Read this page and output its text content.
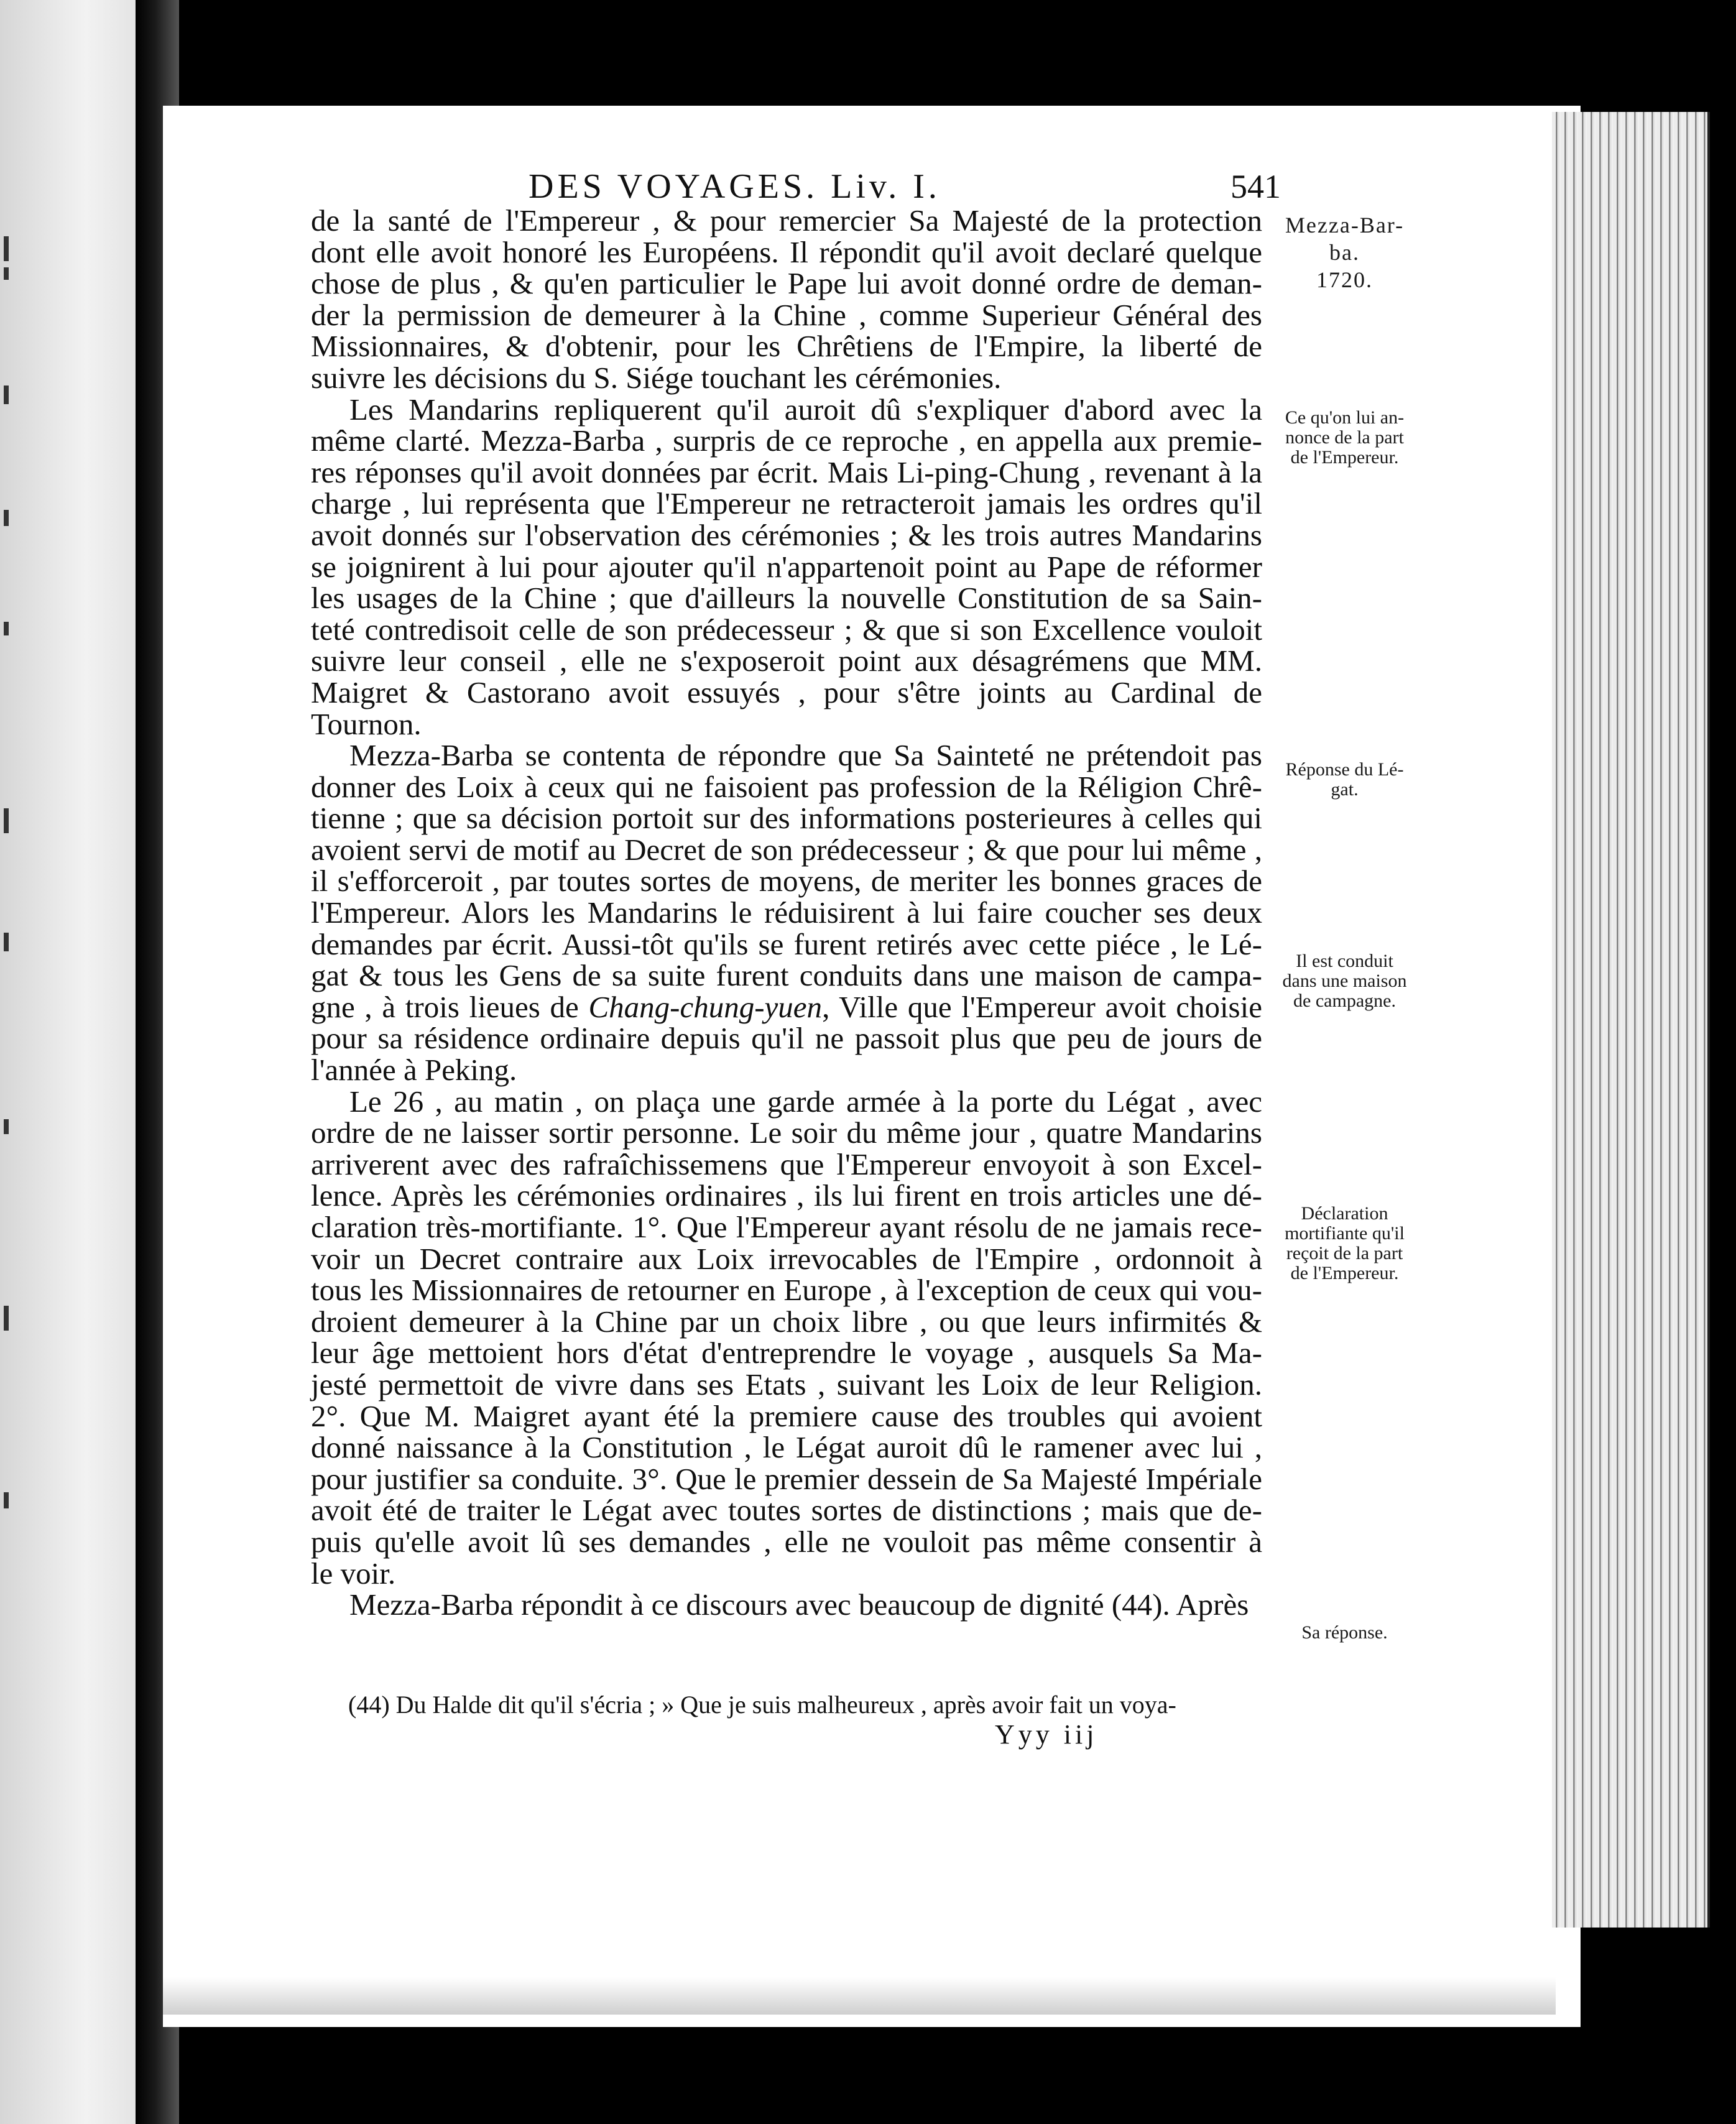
DES VOYAGES. Liv. I.	541
de la santé de l'Empereur , & pour remercier Sa Majesté de la protection
dont elle avoit honoré les Européens. Il répondit qu'il avoit declaré quelque
chose de plus , & qu'en particulier le Pape lui avoit donné ordre de deman-
der la permission de demeurer à la Chine , comme Superieur Général des
Missionnaires, & d'obtenir, pour les Chrêtiens de l'Empire, la liberté de
suivre les décisions du S. Siége touchant les cérémonies.
Les Mandarins repliquerent qu'il auroit dû s'expliquer d'abord avec la
même clarté. Mezza-Barba , surpris de ce reproche , en appella aux premie-
res réponses qu'il avoit données par écrit. Mais Li-ping-Chung , revenant à la
charge , lui représenta que l'Empereur ne retracteroit jamais les ordres qu'il
avoit donnés sur l'observation des cérémonies ; & les trois autres Mandarins
se joignirent à lui pour ajouter qu'il n'appartenoit point au Pape de réformer
les usages de la Chine ; que d'ailleurs la nouvelle Constitution de sa Sain-
teté contredisoit celle de son prédecesseur ; & que si son Excellence vouloit
suivre leur conseil , elle ne s'exposeroit point aux désagrémens que MM.
Maigret & Castorano avoit essuyés , pour s'être joints au Cardinal de
Tournon.
Mezza-Barba se contenta de répondre que Sa Sainteté ne prétendoit pas
donner des Loix à ceux qui ne faisoient pas profession de la Réligion Chrê-
tienne ; que sa décision portoit sur des informations posterieures à celles qui
avoient servi de motif au Decret de son prédecesseur ; & que pour lui même ,
il s'efforceroit , par toutes sortes de moyens, de meriter les bonnes graces de
l'Empereur. Alors les Mandarins le réduisirent à lui faire coucher ses deux
demandes par écrit. Aussi-tôt qu'ils se furent retirés avec cette piéce , le Lé-
gat & tous les Gens de sa suite furent conduits dans une maison de campa-
gne , à trois lieues de Chang-chung-yuen, Ville que l'Empereur avoit choisie
pour sa résidence ordinaire depuis qu'il ne passoit plus que peu de jours de
l'année à Peking.
Le 26 , au matin , on plaça une garde armée à la porte du Légat , avec
ordre de ne laisser sortir personne. Le soir du même jour , quatre Mandarins
arriverent avec des rafraîchissemens que l'Empereur envoyoit à son Excel-
lence. Après les cérémonies ordinaires , ils lui firent en trois articles une dé-
claration très-mortifiante. 1°. Que l'Empereur ayant résolu de ne jamais rece-
voir un Decret contraire aux Loix irrevocables de l'Empire , ordonnoit à
tous les Missionnaires de retourner en Europe , à l'exception de ceux qui vou-
droient demeurer à la Chine par un choix libre , ou que leurs infirmités &
leur âge mettoient hors d'état d'entreprendre le voyage , ausquels Sa Ma-
jesté permettoit de vivre dans ses Etats , suivant les Loix de leur Religion.
2°. Que M. Maigret ayant été la premiere cause des troubles qui avoient
donné naissance à la Constitution , le Légat auroit dû le ramener avec lui ,
pour justifier sa conduite. 3°. Que le premier dessein de Sa Majesté Impériale
avoit été de traiter le Légat avec toutes sortes de distinctions ; mais que de-
puis qu'elle avoit lû ses demandes , elle ne vouloit pas même consentir à
le voir.
Mezza-Barba répondit à ce discours avec beaucoup de dignité (44). Après
Mezza-Bar-
ba.
1720.
Ce qu'on lui an-
nonce de la part
de l'Empereur.
Réponse du Lé-
gat.
Il est conduit
dans une maison
de campagne.
Déclaration
mortifiante qu'il
reçoit de la part
de l'Empereur.
Sa réponse.
(44) Du Halde dit qu'il s'écria ; » Que je suis malheureux , après avoir fait un voya-
Yyy iij
